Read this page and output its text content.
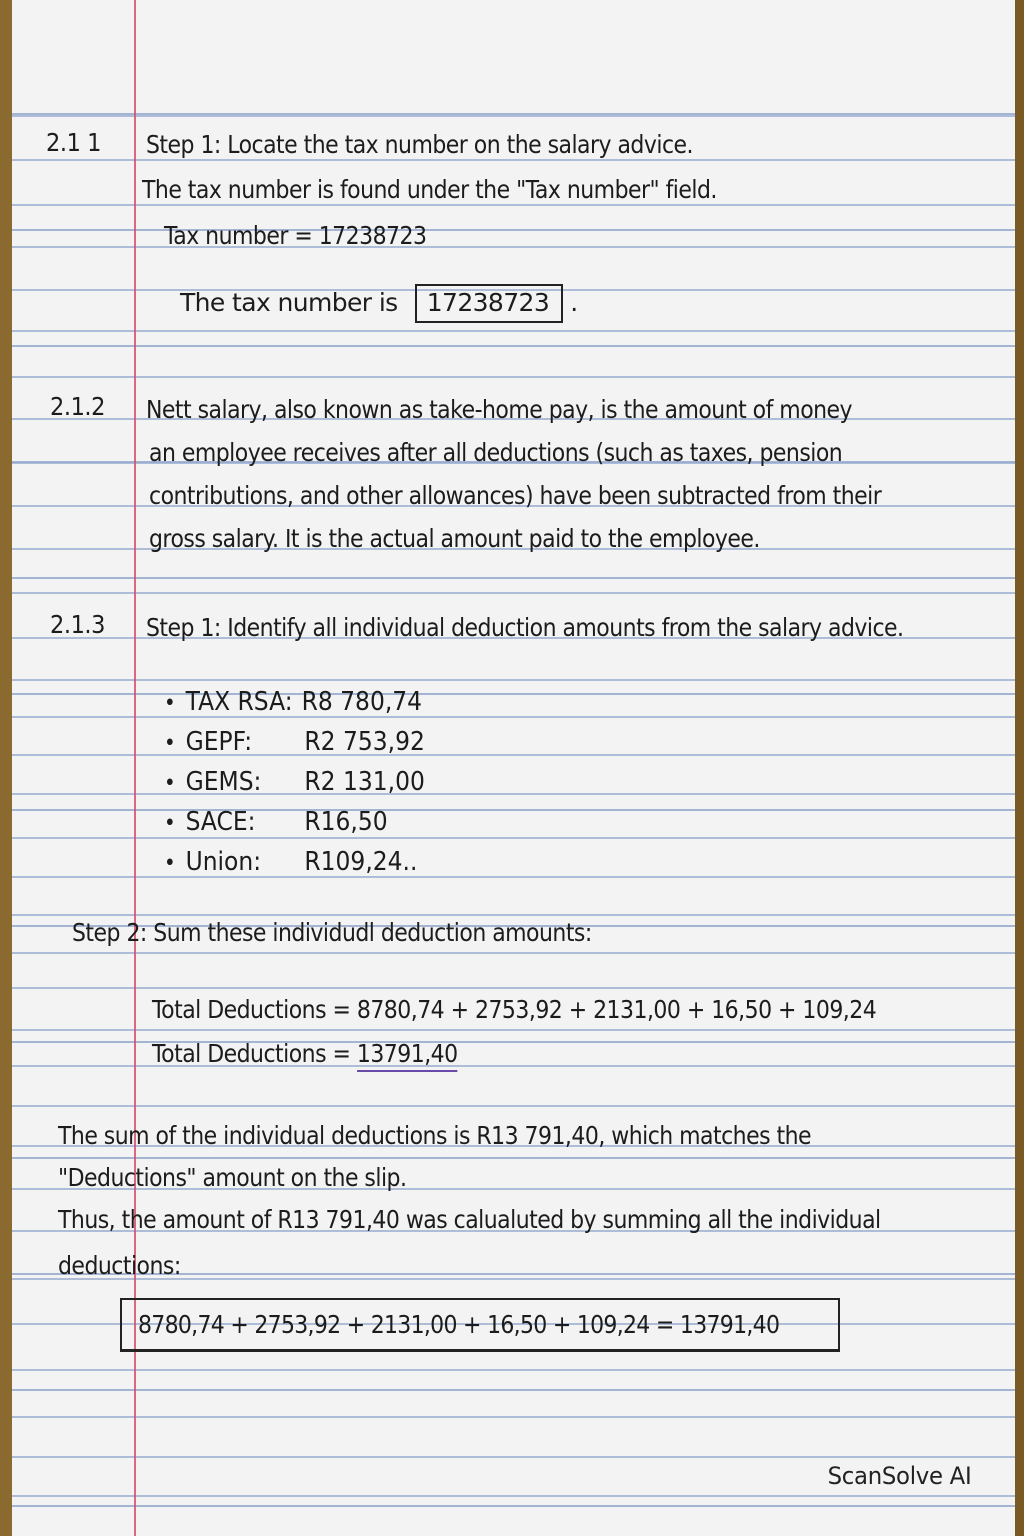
2.1 1 Step 1: Locate the tax number on the salary advice.
The tax number is found under the "Tax number" field.
Tax number = 17238723
The tax number is 17238723 .
2.1.2 Nett salary, also known as take-home pay, is the amount of money
an employee receives after all deductions (such as taxes, pension
contributions, and other allowances) have been subtracted from their
gross salary. It is the actual amount paid to the employee.
2.1.3 Step 1: Identify all individual deduction amounts from the salary advice.
• TAX RSA: R8 780,74
• GEPF: R2 753,92
• GEMS: R2 131,00
• SACE: R16,50
• Union: R109,24..
Step 2: Sum these individudl deduction amounts:
Total Deductions = 8780,74 + 2753,92 + 2131,00 + 16,50 + 109,24
Total Deductions = 13791,40
The sum of the individual deductions is R13 791,40, which matches the
"Deductions" amount on the slip.
Thus, the amount of R13 791,40 was calualuted by summing all the individual
deductions:
8780,74 + 2753,92 + 2131,00 + 16,50 + 109,24 = 13791,40
ScanSolve AI
